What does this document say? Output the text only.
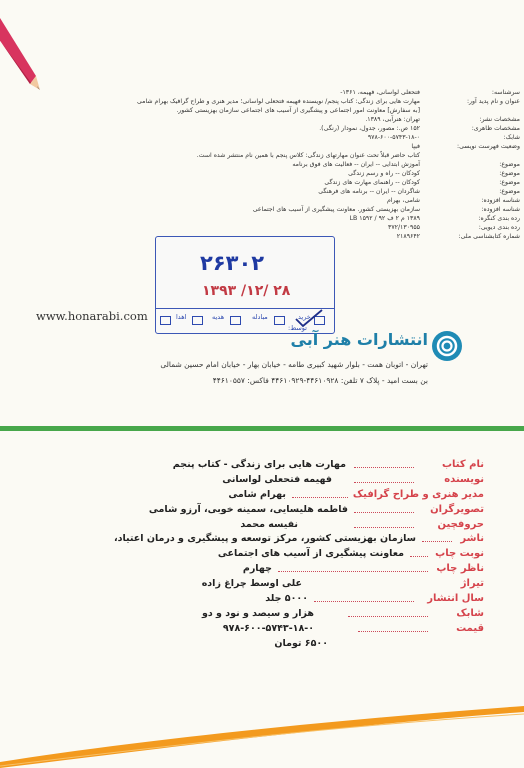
سرشناسه:
فتحعلی لواسانی، فهیمه، ۱۳۶۱-
عنوان و نام پدید آور:
مهارت هایی برای زندگی: کتاب پنجم/ نویسنده فهیمه فتحعلی لواسانی؛ مدیر هنری و طراح گرافیک بهرام شامی
[به سفارش] معاونت امور اجتماعی و پیشگیری از آسیب های اجتماعی سازمان بهزیستی کشور.
مشخصات نشر:
تهران: هنرآبی، ۱۳۸۹.
مشخصات ظاهری:
۱۵۲ ص.: مصور، جدول، نمودار (رنگی).
شابک:
۹۷۸-۶۰۰-۵۷۴۳-۱۸-۰
وضعیت فهرست نویسی:
فیپا
کتاب حاضر قبلاً تحت عنوان مهارتهای زندگی: کلاس پنجم با همین نام منتشر شده است.
موضوع:
آموزش ابتدایی -- ایران -- فعالیت های فوق برنامه
موضوع:
کودکان -- راه و رسم زندگی
موضوع:
کودکان -- راهنمای مهارت های زندگی
موضوع:
شاگردان -- ایران -- برنامه های فرهنگی
شناسه افزوده:
شامی، بهرام
شناسه افزوده:
سازمان بهزیستی کشور. معاونت پیشگیری از آسیب های اجتماعی
رده بندی کنگره:
۱۳۸۹ م ۲ ف ۹۲ / ۱۵۹۲ LB
رده بندی دیویی:
۳۷۲/۱۳۰۹۵۵
شماره کتابشناسی ملی:
۲۱۸۹۶۴۲
۲۶۳۰۲
۱۳۹۳ /۱۲/ ۲۸
خرید
مبادله
هدیه
اهدا
توسط:
www.honarabi.com
انتشارات هنر آبی
تهران - اتوبان همت - بلوار شهید کبیری طامه - خیابان بهار - خیابان امام حسین شمالی
بن بست امید - پلاک ۷ تلفن: ۴۴۶۱۰۹۲۸-۴۴۶۱۰۹۲۹ فاکس: ۴۴۶۱۰۵۵۷
نام کتاب
مهارت هایی برای زندگی - کتاب پنجم
نویسنده
فهیمه فتحعلی لواسانی
مدیر هنری و طراح گرافیک
بهرام شامی
تصویرگران
فاطمه هلیسایی، سمینه خوبی، آرزو شامی
حروفچین
نفیسه محمد
ناشر
سازمان بهزیستی کشور، مرکز توسعه و پیشگیری و درمان اعتیاد،
نوبت چاپ
معاونت پیشگیری از آسیب های اجتماعی
ناظر چاپ
چهارم
تیراژ
علی اوسط چراغ زاده
سال انتشار
۵۰۰۰ جلد
شابک
هزار و سیصد و نود و دو
قیمت
۹۷۸-۶۰۰-۵۷۴۳-۱۸-۰
۶۵۰۰ تومان
